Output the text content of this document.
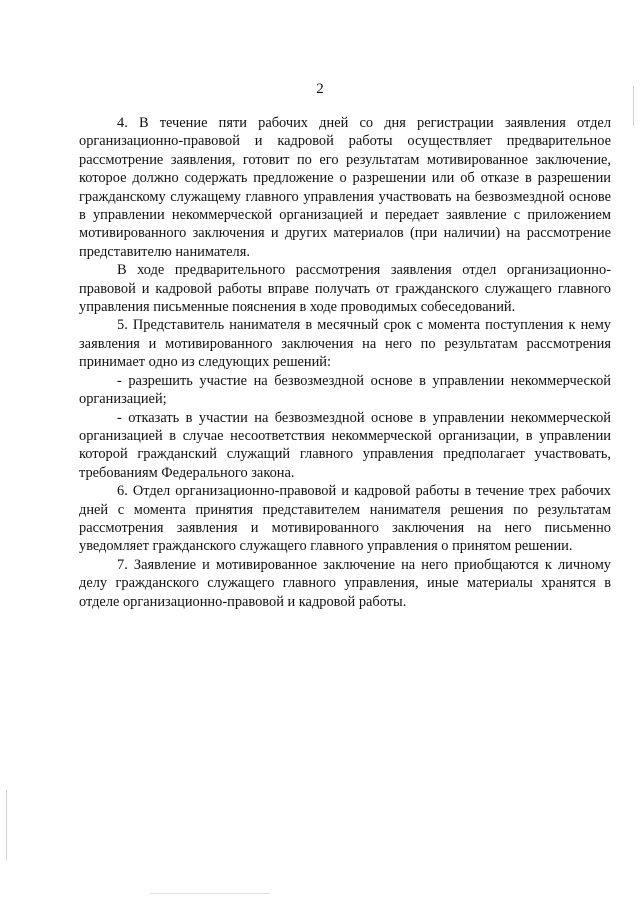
2

4. В течение пяти рабочих дней со дня регистрации заявления отдел организационно-правовой и кадровой работы осуществляет предварительное рассмотрение заявления, готовит по его результатам мотивированное заключение, которое должно содержать предложение о разрешении или об отказе в разрешении гражданскому служащему главного управления участвовать на безвозмездной основе в управлении некоммерческой организацией и передает заявление с приложением мотивированного заключения и других материалов (при наличии) на рассмотрение представителю нанимателя.

В ходе предварительного рассмотрения заявления отдел организационно-правовой и кадровой работы вправе получать от гражданского служащего главного управления письменные пояснения в ходе проводимых собеседований.

5. Представитель нанимателя в месячный срок с момента поступления к нему заявления и мотивированного заключения на него по результатам рассмотрения принимает одно из следующих решений:

- разрешить участие на безвозмездной основе в управлении некоммерческой организацией;

- отказать в участии на безвозмездной основе в управлении некоммерческой организацией в случае несоответствия некоммерческой организации, в управлении которой гражданский служащий главного управления предполагает участвовать, требованиям Федерального закона.

6. Отдел организационно-правовой и кадровой работы в течение трех рабочих дней с момента принятия представителем нанимателя решения по результатам рассмотрения заявления и мотивированного заключения на него письменно уведомляет гражданского служащего главного управления о принятом решении.

7. Заявление и мотивированное заключение на него приобщаются к личному делу гражданского служащего главного управления, иные материалы хранятся в отделе организационно-правовой и кадровой работы.
